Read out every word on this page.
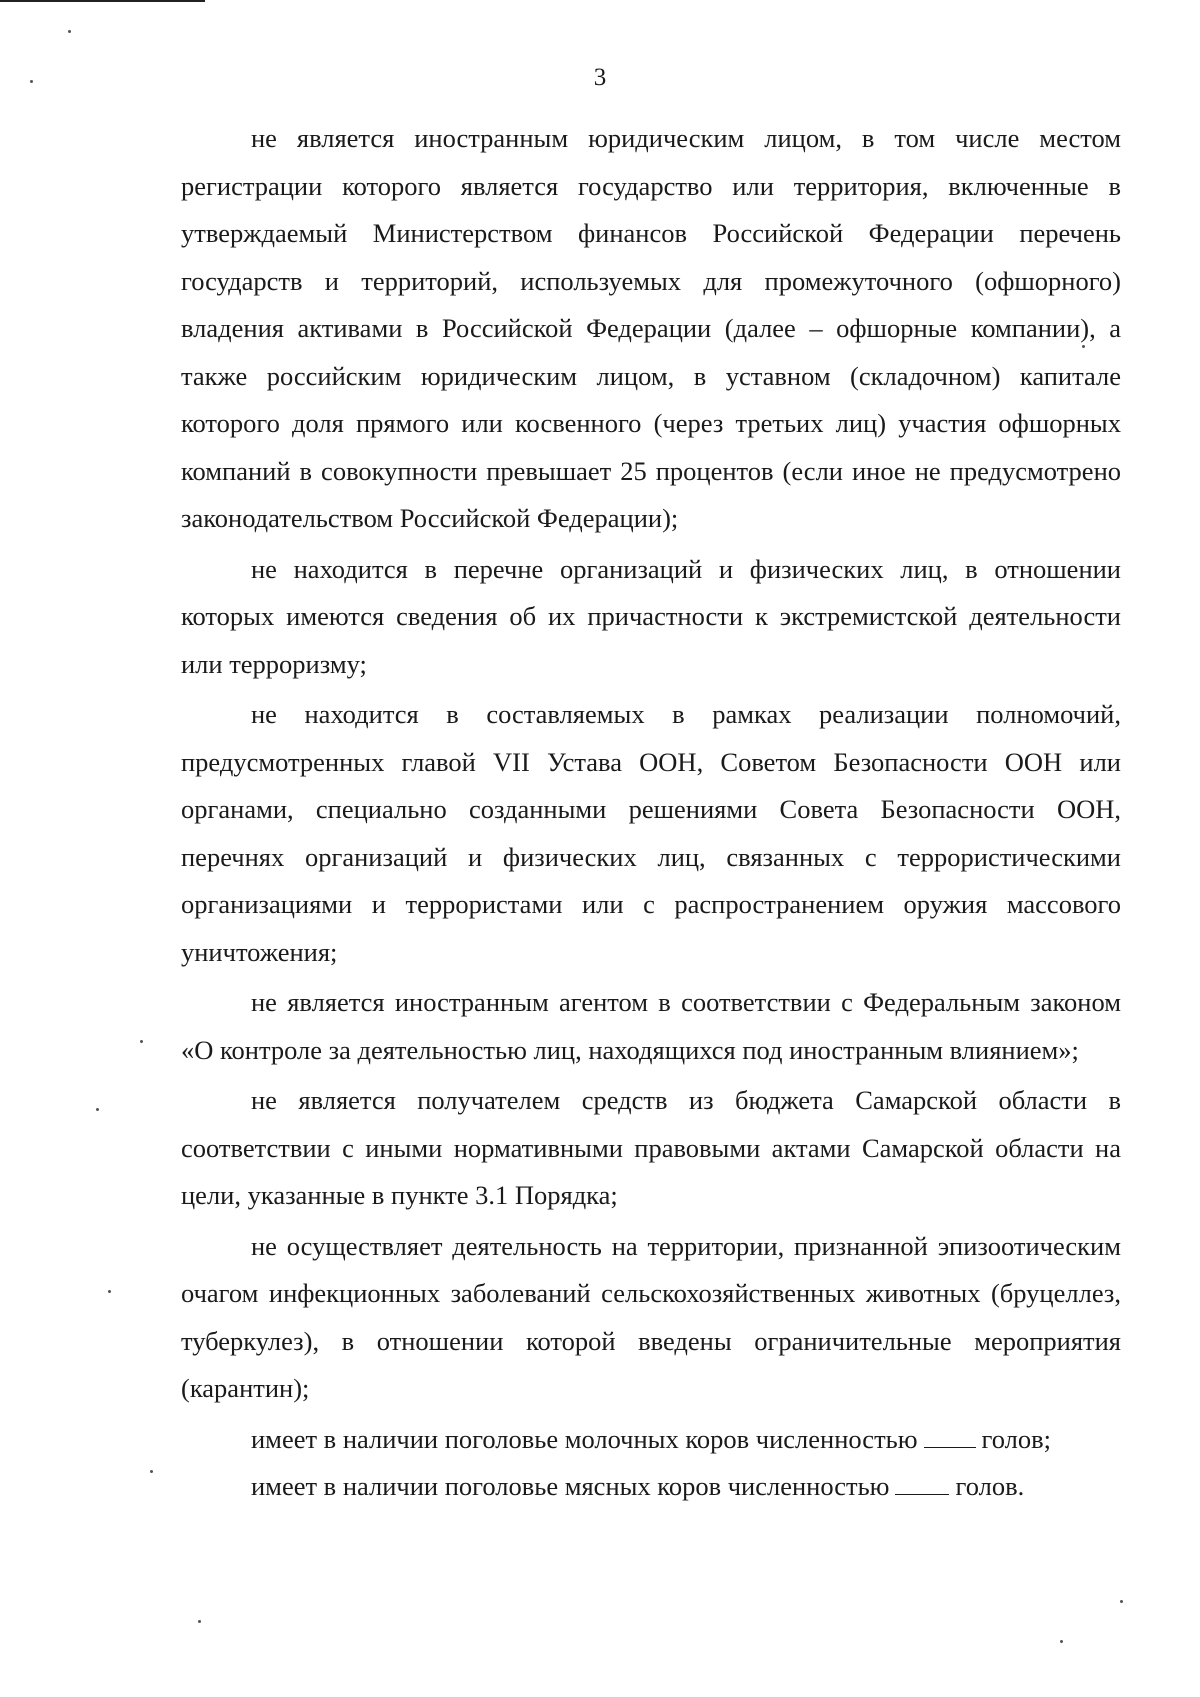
3

не является иностранным юридическим лицом, в том числе местом регистрации которого является государство или территория, включенные в утверждаемый Министерством финансов Российской Федерации перечень государств и территорий, используемых для промежуточного (офшорного) владения активами в Российской Федерации (далее – офшорные компании), а также российским юридическим лицом, в уставном (складочном) капитале которого доля прямого или косвенного (через третьих лиц) участия офшорных компаний в совокупности превышает 25 процентов (если иное не предусмотрено законодательством Российской Федерации);

не находится в перечне организаций и физических лиц, в отношении которых имеются сведения об их причастности к экстремистской деятельности или терроризму;

не находится в составляемых в рамках реализации полномочий, предусмотренных главой VII Устава ООН, Советом Безопасности ООН или органами, специально созданными решениями Совета Безопасности ООН, перечнях организаций и физических лиц, связанных с террористическими организациями и террористами или с распространением оружия массового уничтожения;

не является иностранным агентом в соответствии с Федеральным законом «О контроле за деятельностью лиц, находящихся под иностранным влиянием»;

не является получателем средств из бюджета Самарской области в соответствии с иными нормативными правовыми актами Самарской области на цели, указанные в пункте 3.1 Порядка;

не осуществляет деятельность на территории, признанной эпизоотическим очагом инфекционных заболеваний сельскохозяйственных животных (бруцеллез, туберкулез), в отношении которой введены ограничительные мероприятия (карантин);

имеет в наличии поголовье молочных коров численностью голов;

имеет в наличии поголовье мясных коров численностью голов.
